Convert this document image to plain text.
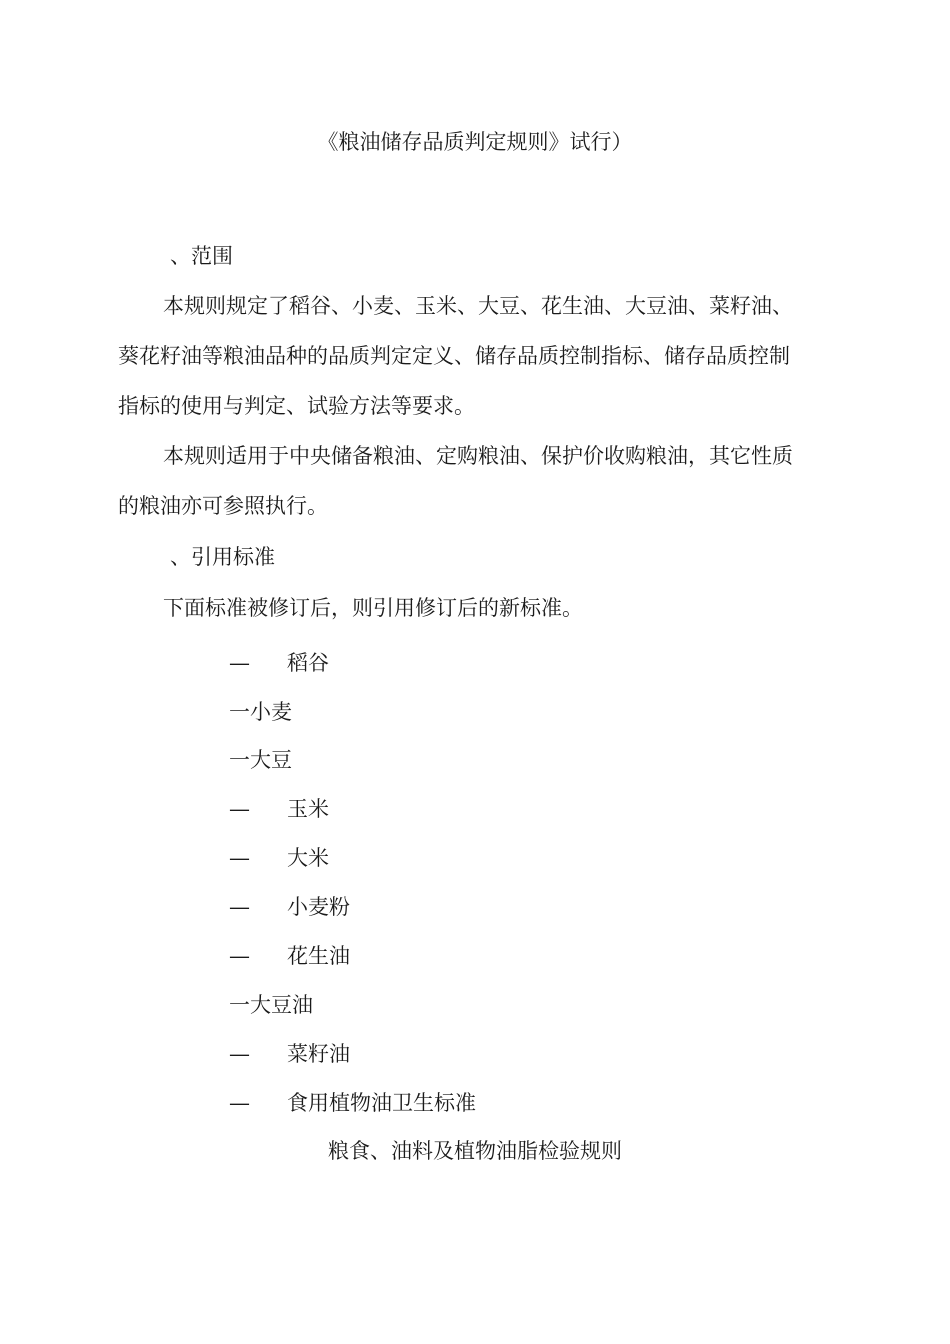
《粮油储存品质判定规则》试行）
、范围
本规则规定了稻谷、小麦、玉米、大豆、花生油、大豆油、菜籽油、
葵花籽油等粮油品种的品质判定定义、储存品质控制指标、储存品质控制
指标的使用与判定、试验方法等要求。
本规则适用于中央储备粮油、定购粮油、保护价收购粮油，其它性质
的粮油亦可参照执行。
、引用标准
下面标准被修订后，则引用修订后的新标准。
— 稻谷
一小麦
一大豆
— 玉米
— 大米
— 小麦粉
— 花生油
一大豆油
— 菜籽油
— 食用植物油卫生标准
粮食、油料及植物油脂检验规则
